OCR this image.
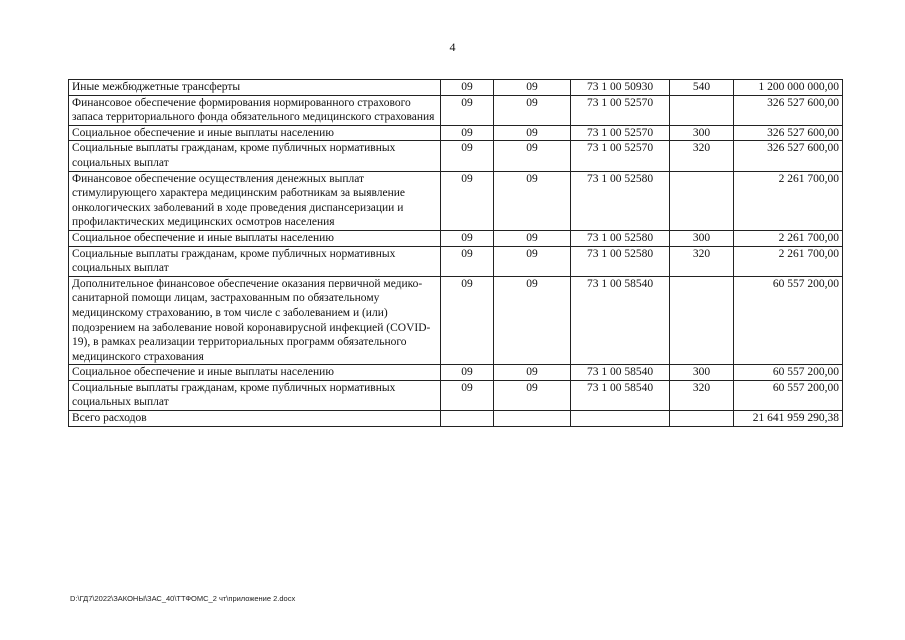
4
Иные межбюджетные трансферты	09	09	73 1 00 50930	540	1 200 000 000,00
Финансовое обеспечение формирования нормированного страхового запаса территориального фонда обязательного медицинского страхования	09	09	73 1 00 52570		326 527 600,00
Социальное обеспечение и иные выплаты населению	09	09	73 1 00 52570	300	326 527 600,00
Социальные выплаты гражданам, кроме публичных нормативных социальных выплат	09	09	73 1 00 52570	320	326 527 600,00
Финансовое обеспечение осуществления денежных выплат стимулирующего характера медицинским работникам за выявление онкологических заболеваний в ходе проведения диспансеризации и профилактических медицинских осмотров населения	09	09	73 1 00 52580		2 261 700,00
Социальное обеспечение и иные выплаты населению	09	09	73 1 00 52580	300	2 261 700,00
Социальные выплаты гражданам, кроме публичных нормативных социальных выплат	09	09	73 1 00 52580	320	2 261 700,00
Дополнительное финансовое обеспечение оказания первичной медико-санитарной помощи лицам, застрахованным по обязательному медицинскому страхованию, в том числе с заболеванием и (или) подозрением на заболевание новой коронавирусной инфекцией (COVID-19), в рамках реализации территориальных программ обязательного медицинского страхования	09	09	73 1 00 58540		60 557 200,00
Социальное обеспечение и иные выплаты населению	09	09	73 1 00 58540	300	60 557 200,00
Социальные выплаты гражданам, кроме публичных нормативных социальных выплат	09	09	73 1 00 58540	320	60 557 200,00
Всего расходов					21 641 959 290,38
D:\ГД7\2022\ЗАКОНЫ\ЗАС_40\ТТФОМС_2 чт\приложение 2.docx
